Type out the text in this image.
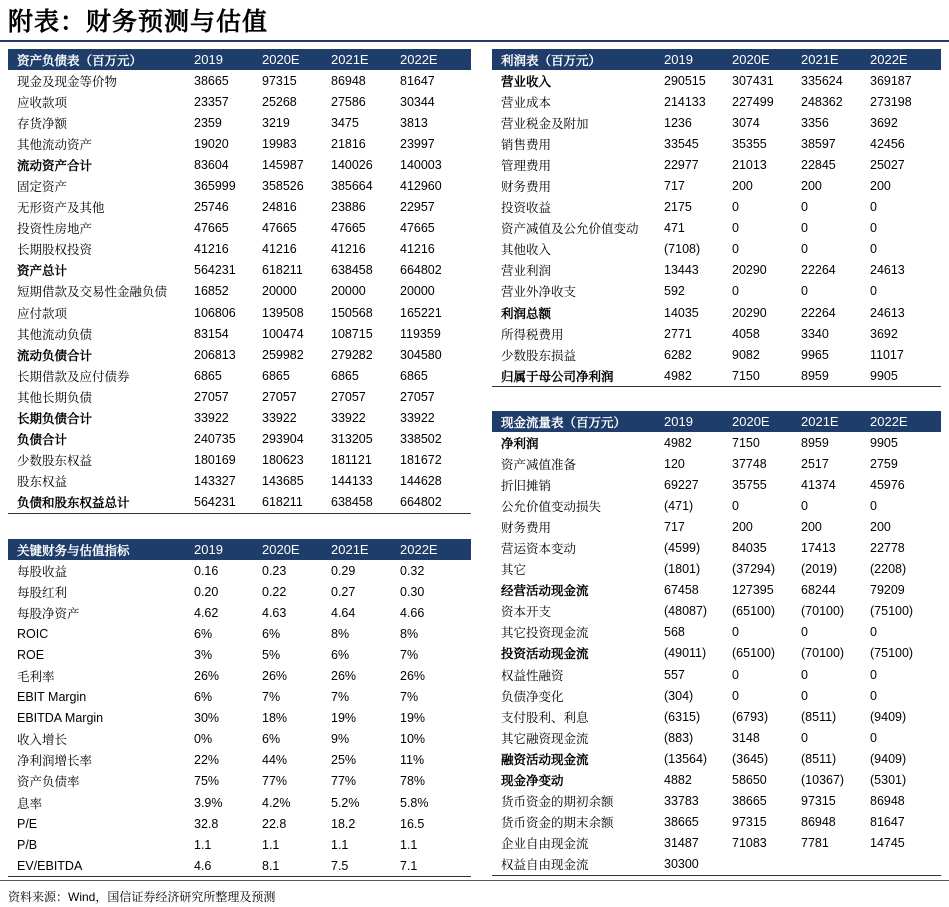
附表：财务预测与估值
资产负债表（百万元）	2019	2020E	2021E	2022E
现金及现金等价物	38665	97315	86948	81647
应收款项	23357	25268	27586	30344
存货净额	2359	3219	3475	3813
其他流动资产	19020	19983	21816	23997
流动资产合计	83604	145987	140026	140003
固定资产	365999	358526	385664	412960
无形资产及其他	25746	24816	23886	22957
投资性房地产	47665	47665	47665	47665
长期股权投资	41216	41216	41216	41216
资产总计	564231	618211	638458	664802
短期借款及交易性金融负债	16852	20000	20000	20000
应付款项	106806	139508	150568	165221
其他流动负债	83154	100474	108715	119359
流动负债合计	206813	259982	279282	304580
长期借款及应付债券	6865	6865	6865	6865
其他长期负债	27057	27057	27057	27057
长期负债合计	33922	33922	33922	33922
负债合计	240735	293904	313205	338502
少数股东权益	180169	180623	181121	181672
股东权益	143327	143685	144133	144628
负债和股东权益总计	564231	618211	638458	664802
关键财务与估值指标	2019	2020E	2021E	2022E
每股收益	0.16	0.23	0.29	0.32
每股红利	0.20	0.22	0.27	0.30
每股净资产	4.62	4.63	4.64	4.66
ROIC	6%	6%	8%	8%
ROE	3%	5%	6%	7%
毛利率	26%	26%	26%	26%
EBIT Margin	6%	7%	7%	7%
EBITDA Margin	30%	18%	19%	19%
收入增长	0%	6%	9%	10%
净利润增长率	22%	44%	25%	11%
资产负债率	75%	77%	77%	78%
息率	3.9%	4.2%	5.2%	5.8%
P/E	32.8	22.8	18.2	16.5
P/B	1.1	1.1	1.1	1.1
EV/EBITDA	4.6	8.1	7.5	7.1
利润表（百万元）	2019	2020E	2021E	2022E
营业收入	290515	307431	335624	369187
营业成本	214133	227499	248362	273198
营业税金及附加	1236	3074	3356	3692
销售费用	33545	35355	38597	42456
管理费用	22977	21013	22845	25027
财务费用	717	200	200	200
投资收益	2175	0	0	0
资产减值及公允价值变动	471	0	0	0
其他收入	(7108)	0	0	0
营业利润	13443	20290	22264	24613
营业外净收支	592	0	0	0
利润总额	14035	20290	22264	24613
所得税费用	2771	4058	3340	3692
少数股东损益	6282	9082	9965	11017
归属于母公司净利润	4982	7150	8959	9905
现金流量表（百万元）	2019	2020E	2021E	2022E
净利润	4982	7150	8959	9905
资产减值准备	120	37748	2517	2759
折旧摊销	69227	35755	41374	45976
公允价值变动损失	(471)	0	0	0
财务费用	717	200	200	200
营运资本变动	(4599)	84035	17413	22778
其它	(1801)	(37294)	(2019)	(2208)
经营活动现金流	67458	127395	68244	79209
资本开支	(48087)	(65100)	(70100)	(75100)
其它投资现金流	568	0	0	0
投资活动现金流	(49011)	(65100)	(70100)	(75100)
权益性融资	557	0	0	0
负债净变化	(304)	0	0	0
支付股利、利息	(6315)	(6793)	(8511)	(9409)
其它融资现金流	(883)	3148	0	0
融资活动现金流	(13564)	(3645)	(8511)	(9409)
现金净变动	4882	58650	(10367)	(5301)
货币资金的期初余额	33783	38665	97315	86948
货币资金的期末余额	38665	97315	86948	81647
企业自由现金流	31487	71083	7781	14745
权益自由现金流	30300			
资料来源：Wind，国信证券经济研究所整理及预测
